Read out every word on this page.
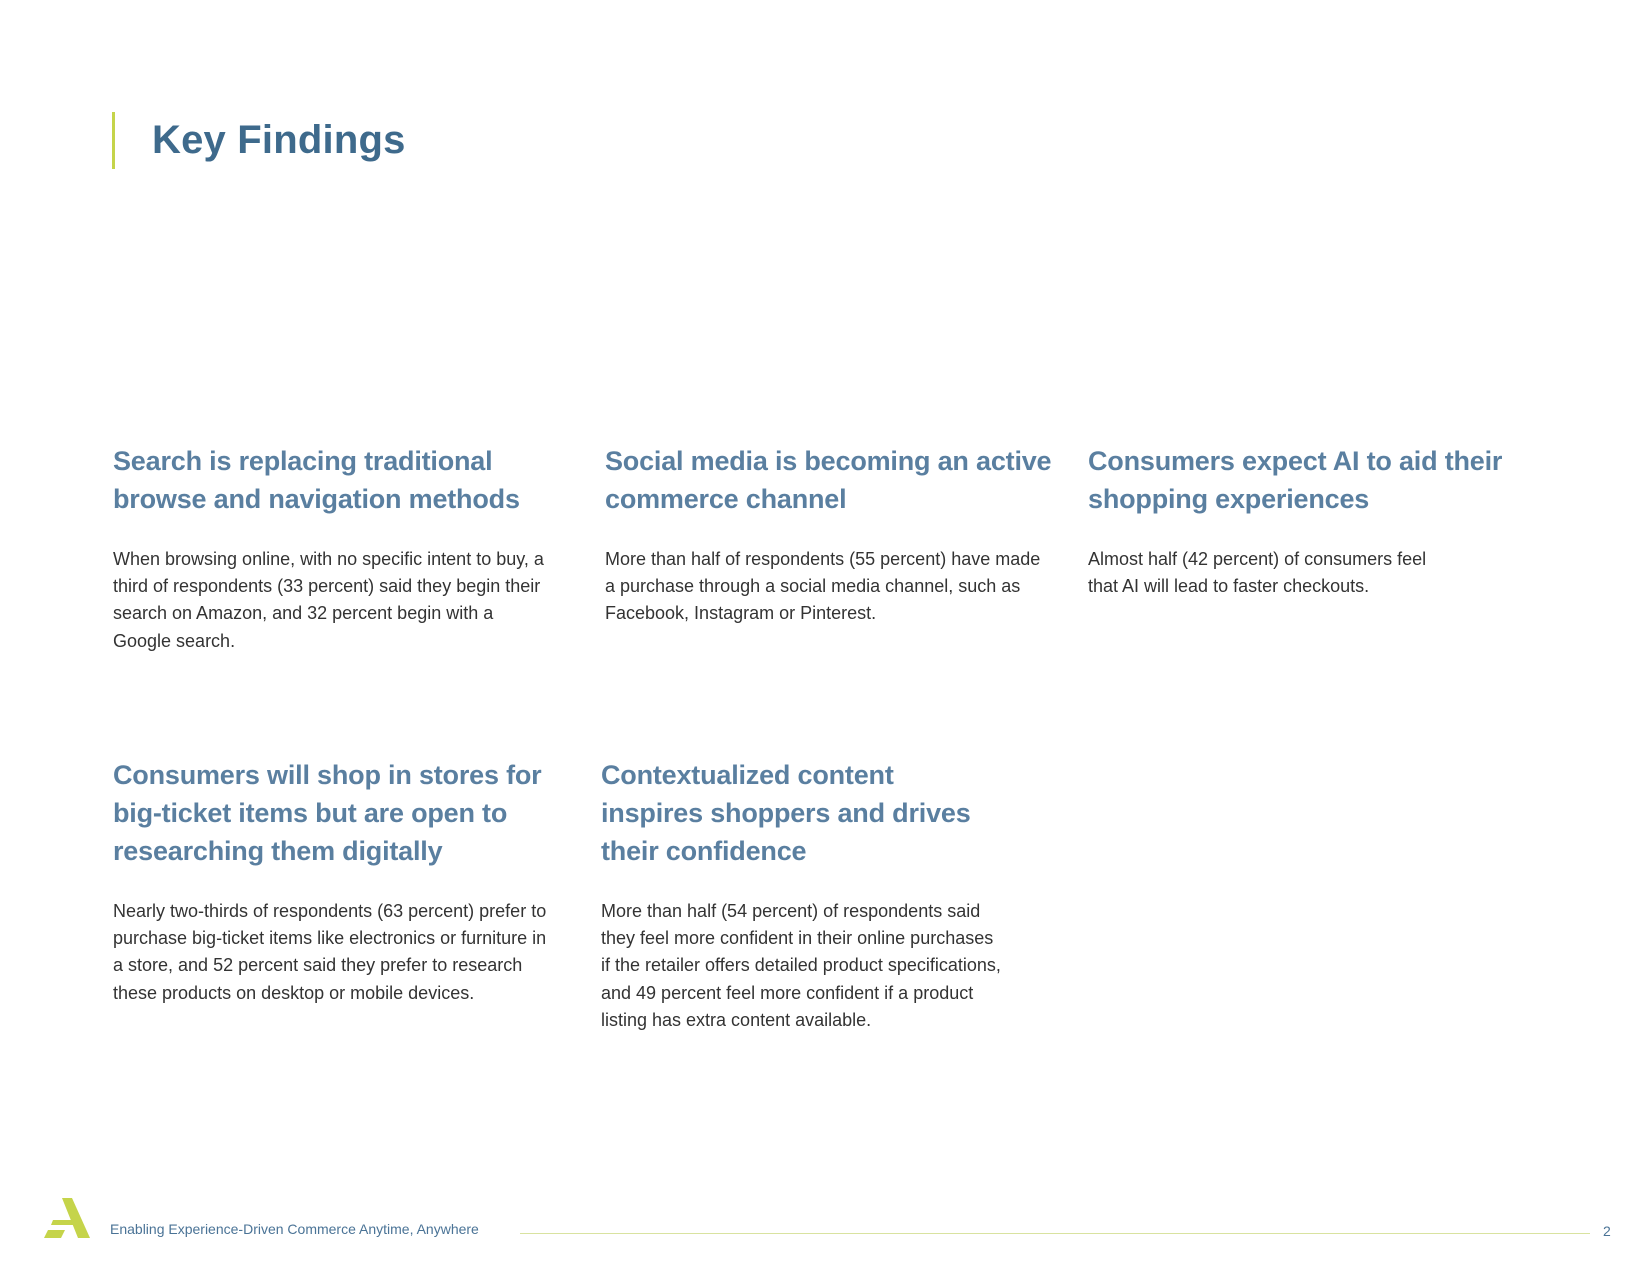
Key Findings
Search is replacing traditional
browse and navigation methods

When browsing online, with no specific intent to buy, a third of respondents (33 percent) said they begin their search on Amazon, and 32 percent begin with a Google search.

Social media is becoming an active
commerce channel

More than half of respondents (55 percent) have made a purchase through a social media channel, such as Facebook, Instagram or Pinterest.

Consumers expect AI to aid their
shopping experiences

Almost half (42 percent) of consumers feel
that AI will lead to faster checkouts.

Consumers will shop in stores for
big-ticket items but are open to
researching them digitally

Nearly two-thirds of respondents (63 percent) prefer to purchase big-ticket items like electronics or furniture in a store, and 52 percent said they prefer to research these products on desktop or mobile devices.

Contextualized content
inspires shoppers and drives
their confidence

More than half (54 percent) of respondents said
they feel more confident in their online purchases
if the retailer offers detailed product specifications,
and 49 percent feel more confident if a product
listing has extra content available.

Enabling Experience-Driven Commerce Anytime, Anywhere	2
